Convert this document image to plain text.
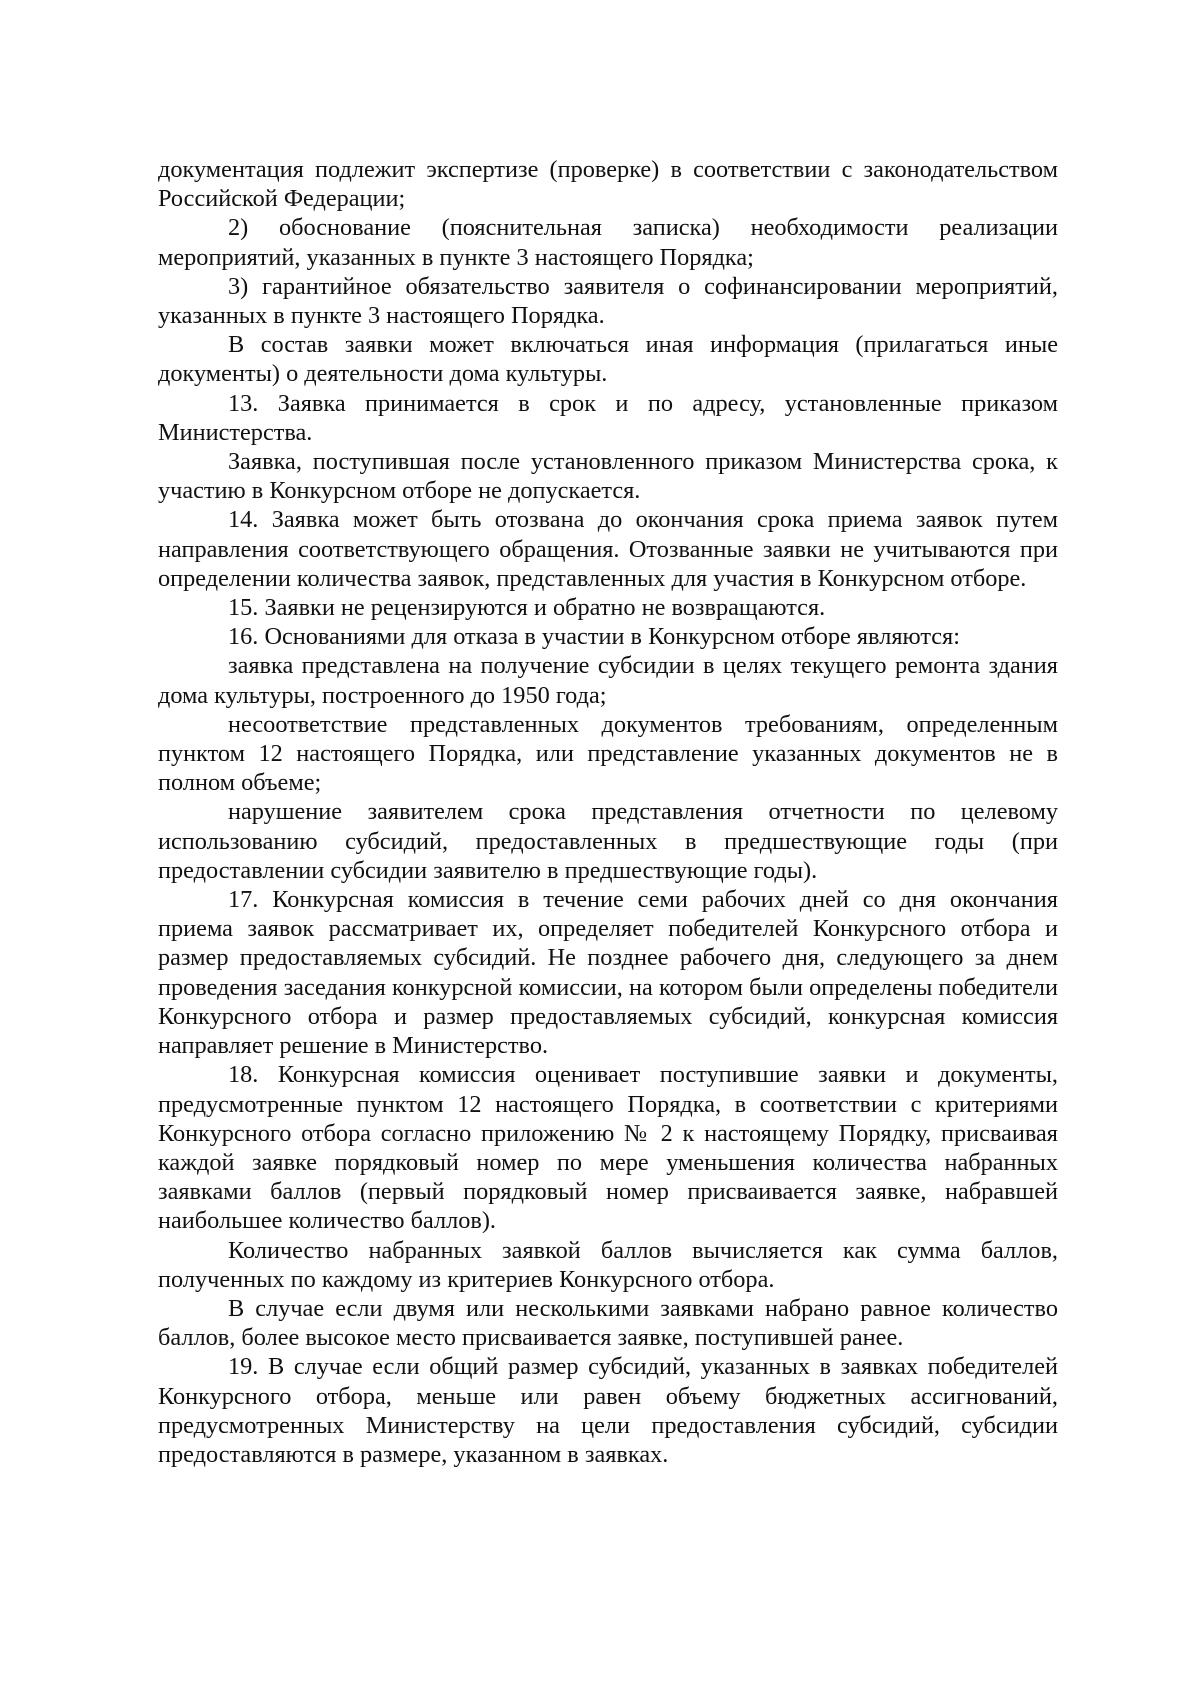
документация подлежит экспертизе (проверке) в соответствии с законодательством Российской Федерации;

2) обоснование (пояснительная записка) необходимости реализации мероприятий, указанных в пункте 3 настоящего Порядка;

3) гарантийное обязательство заявителя о софинансировании мероприятий, указанных в пункте 3 настоящего Порядка.

В состав заявки может включаться иная информация (прилагаться иные документы) о деятельности дома культуры.

13. Заявка принимается в срок и по адресу, установленные приказом Министерства.

Заявка, поступившая после установленного приказом Министерства срока, к участию в Конкурсном отборе не допускается.

14. Заявка может быть отозвана до окончания срока приема заявок путем направления соответствующего обращения. Отозванные заявки не учитываются при определении количества заявок, представленных для участия в Конкурсном отборе.

15. Заявки не рецензируются и обратно не возвращаются.

16. Основаниями для отказа в участии в Конкурсном отборе являются:

заявка представлена на получение субсидии в целях текущего ремонта здания дома культуры, построенного до 1950 года;

несоответствие представленных документов требованиям, определенным пунктом 12 настоящего Порядка, или представление указанных документов не в полном объеме;

нарушение заявителем срока представления отчетности по целевому использованию субсидий, предоставленных в предшествующие годы (при предоставлении субсидии заявителю в предшествующие годы).

17. Конкурсная комиссия в течение семи рабочих дней со дня окончания приема заявок рассматривает их, определяет победителей Конкурсного отбора и размер предоставляемых субсидий. Не позднее рабочего дня, следующего за днем проведения заседания конкурсной комиссии, на котором были определены победители Конкурсного отбора и размер предоставляемых субсидий, конкурсная комиссия направляет решение в Министерство.

18. Конкурсная комиссия оценивает поступившие заявки и документы, предусмотренные пунктом 12 настоящего Порядка, в соответствии с критериями Конкурсного отбора согласно приложению № 2 к настоящему Порядку, присваивая каждой заявке порядковый номер по мере уменьшения количества набранных заявками баллов (первый порядковый номер присваивается заявке, набравшей наибольшее количество баллов).

Количество набранных заявкой баллов вычисляется как сумма баллов, полученных по каждому из критериев Конкурсного отбора.

В случае если двумя или несколькими заявками набрано равное количество баллов, более высокое место присваивается заявке, поступившей ранее.

19. В случае если общий размер субсидий, указанных в заявках победителей Конкурсного отбора, меньше или равен объему бюджетных ассигнований, предусмотренных Министерству на цели предоставления субсидий, субсидии предоставляются в размере, указанном в заявках.
